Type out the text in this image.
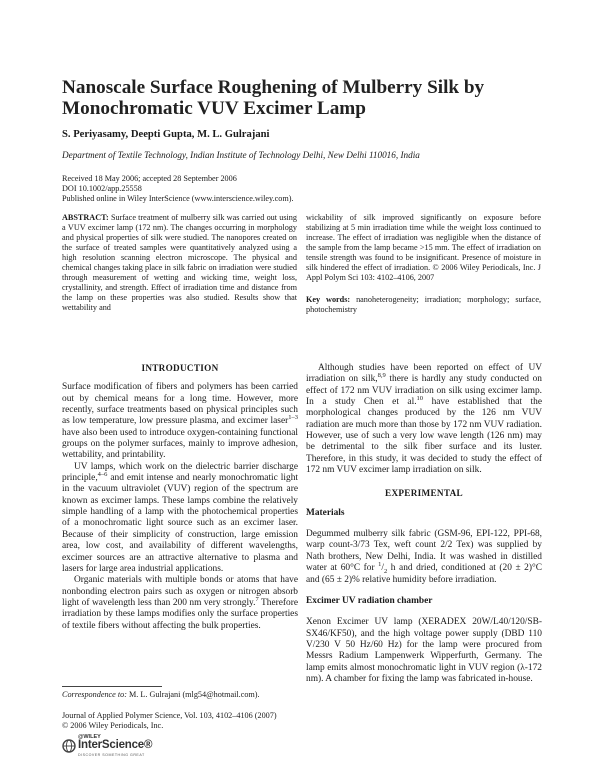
Nanoscale Surface Roughening of Mulberry Silk by Monochromatic VUV Excimer Lamp
S. Periyasamy, Deepti Gupta, M. L. Gulrajani
Department of Textile Technology, Indian Institute of Technology Delhi, New Delhi 110016, India
Received 18 May 2006; accepted 28 September 2006
DOI 10.1002/app.25558
Published online in Wiley InterScience (www.interscience.wiley.com).
ABSTRACT: Surface treatment of mulberry silk was carried out using a VUV excimer lamp (172 nm). The changes occurring in morphology and physical properties of silk were studied. The nanopores created on the surface of treated samples were quantitatively analyzed using a high resolution scanning electron microscope. The physical and chemical changes taking place in silk fabric on irradiation were studied through measurement of wetting and wicking time, weight loss, crystallinity, and strength. Effect of irradiation time and distance from the lamp on these properties was also studied. Results show that wettability and
wickability of silk improved significantly on exposure before stabilizing at 5 min irradiation time while the weight loss continued to increase. The effect of irradiation was negligible when the distance of the sample from the lamp became >15 mm. The effect of irradiation on tensile strength was found to be insignificant. Presence of moisture in silk hindered the effect of irradiation. © 2006 Wiley Periodicals, Inc. J Appl Polym Sci 103: 4102–4106, 2007
Key words: nanoheterogeneity; irradiation; morphology; surface, photochemistry
INTRODUCTION

Surface modification of fibers and polymers has been carried out by chemical means for a long time. However, more recently, surface treatments based on physical principles such as low temperature, low pressure plasma, and excimer laser$^{1-3}$ have also been used to introduce oxygen-containing functional groups on the polymer surfaces, mainly to improve adhesion, wettability, and printability.

UV lamps, which work on the dielectric barrier discharge principle,$^{4-6}$ and emit intense and nearly monochromatic light in the vacuum ultraviolet (VUV) region of the spectrum are known as excimer lamps. These lamps combine the relatively simple handling of a lamp with the photochemical properties of a monochromatic light source such as an excimer laser. Because of their simplicity of construction, large emission area, low cost, and availability of different wavelengths, excimer sources are an attractive alternative to plasma and lasers for large area industrial applications.

Organic materials with multiple bonds or atoms that have nonbonding electron pairs such as oxygen or nitrogen absorb light of wavelength less than 200 nm very strongly.$^7$ Therefore irradiation by these lamps modifies only the surface properties of textile fibers without affecting the bulk properties.

Although studies have been reported on effect of UV irradiation on silk,$^{8,9}$ there is hardly any study conducted on effect of 172 nm VUV irradiation on silk using excimer lamp. In a study Chen et al.$^{10}$ have established that the morphological changes produced by the 126 nm VUV radiation are much more than those by 172 nm VUV radiation. However, use of such a very low wave length (126 nm) may be detrimental to the silk fiber surface and its luster. Therefore, in this study, it was decided to study the effect of 172 nm VUV excimer lamp irradiation on silk.

EXPERIMENTAL
Materials

Degummed mulberry silk fabric (GSM-96, EPI-122, PPI-68, warp count-3/73 Tex, weft count 2/2 Tex) was supplied by Nath brothers, New Delhi, India. It was washed in distilled water at 60°C for $^1/_2$ h and dried, conditioned at (20 ± 2)°C and (65 ± 2)% relative humidity before irradiation.

Excimer UV radiation chamber

Xenon Excimer UV lamp (XERADEX 20W/L40/120/SB-SX46/KF50), and the high voltage power supply (DBD 110 V/230 V 50 Hz/60 Hz) for the lamp were procured from Messrs Radium Lampenwerk Wipperfurth, Germany. The lamp emits almost monochromatic light in VUV region (λ-172 nm). A chamber for fixing the lamp was fabricated in-house.

Correspondence to: M. L. Gulrajani (mlg54@hotmail.com).
Journal of Applied Polymer Science, Vol. 103, 4102–4106 (2007)
© 2006 Wiley Periodicals, Inc.
@WILEY
InterScience®
DISCOVER SOMETHING GREAT
